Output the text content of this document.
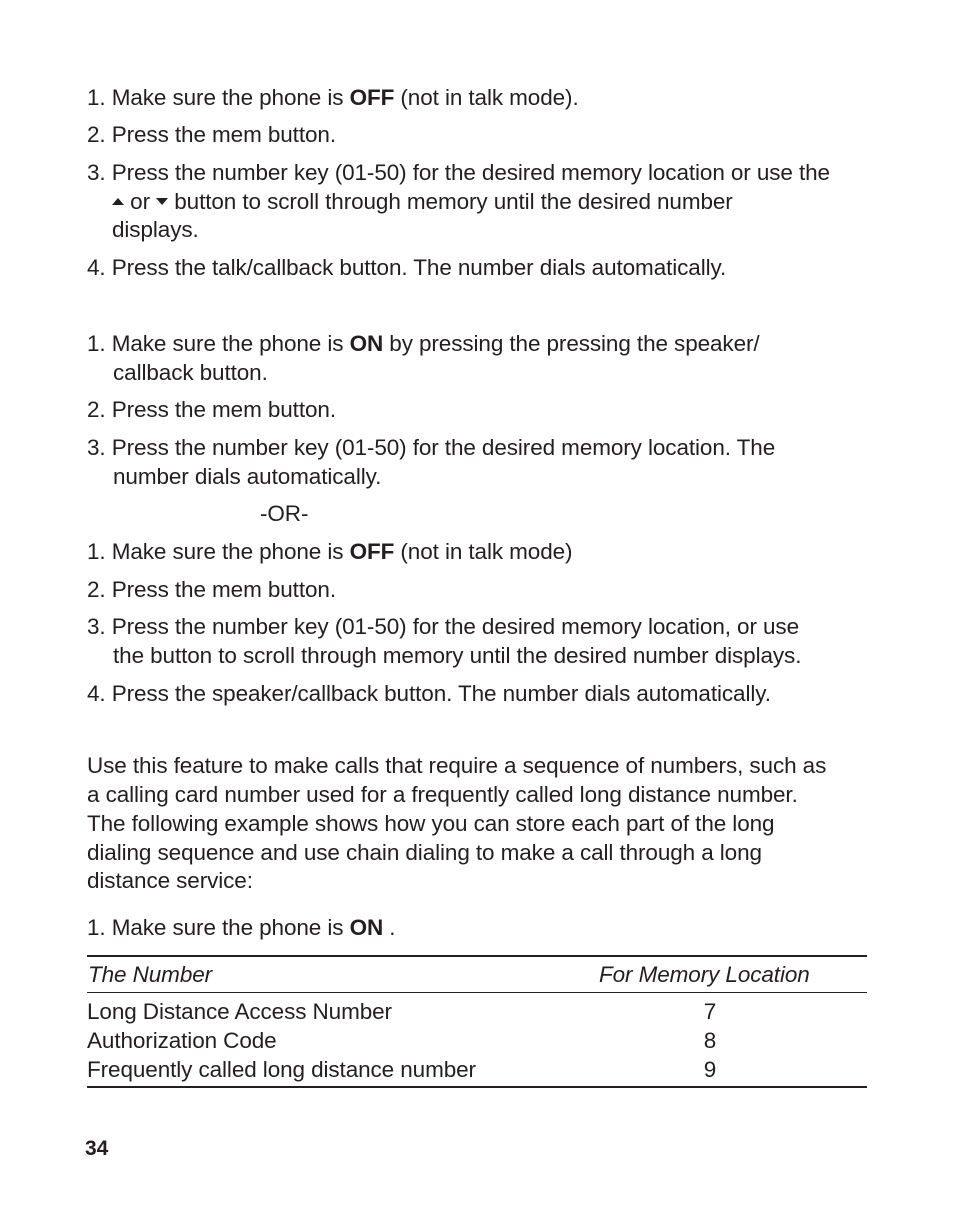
1. Make sure the phone is OFF (not in talk mode).
2. Press the mem button.
3. Press the number key (01-50) for the desired memory location or use the
or  button to scroll through memory until the desired number
displays.
4. Press the talk/callback button. The number dials automatically.
1. Make sure the phone is ON by pressing the pressing the speaker/
callback button.
2. Press the mem button.
3. Press the number key (01-50) for the desired memory location. The
number dials automatically.
-OR-
1. Make sure the phone is OFF (not in talk mode)
2. Press the mem button.
3. Press the number key (01-50) for the desired memory location, or use
the button to scroll through memory until the desired number displays.
4. Press the speaker/callback button. The number dials automatically.
Use this feature to make calls that require a sequence of numbers, such as
a calling card number used for a frequently called long distance number.
The following example shows how you can store each part of the long
dialing sequence and use chain dialing to make a call through a long
distance service:
1. Make sure the phone is ON .
The Number	For Memory Location
Long Distance Access Number	7
Authorization Code	8
Frequently called long distance number	9
34
